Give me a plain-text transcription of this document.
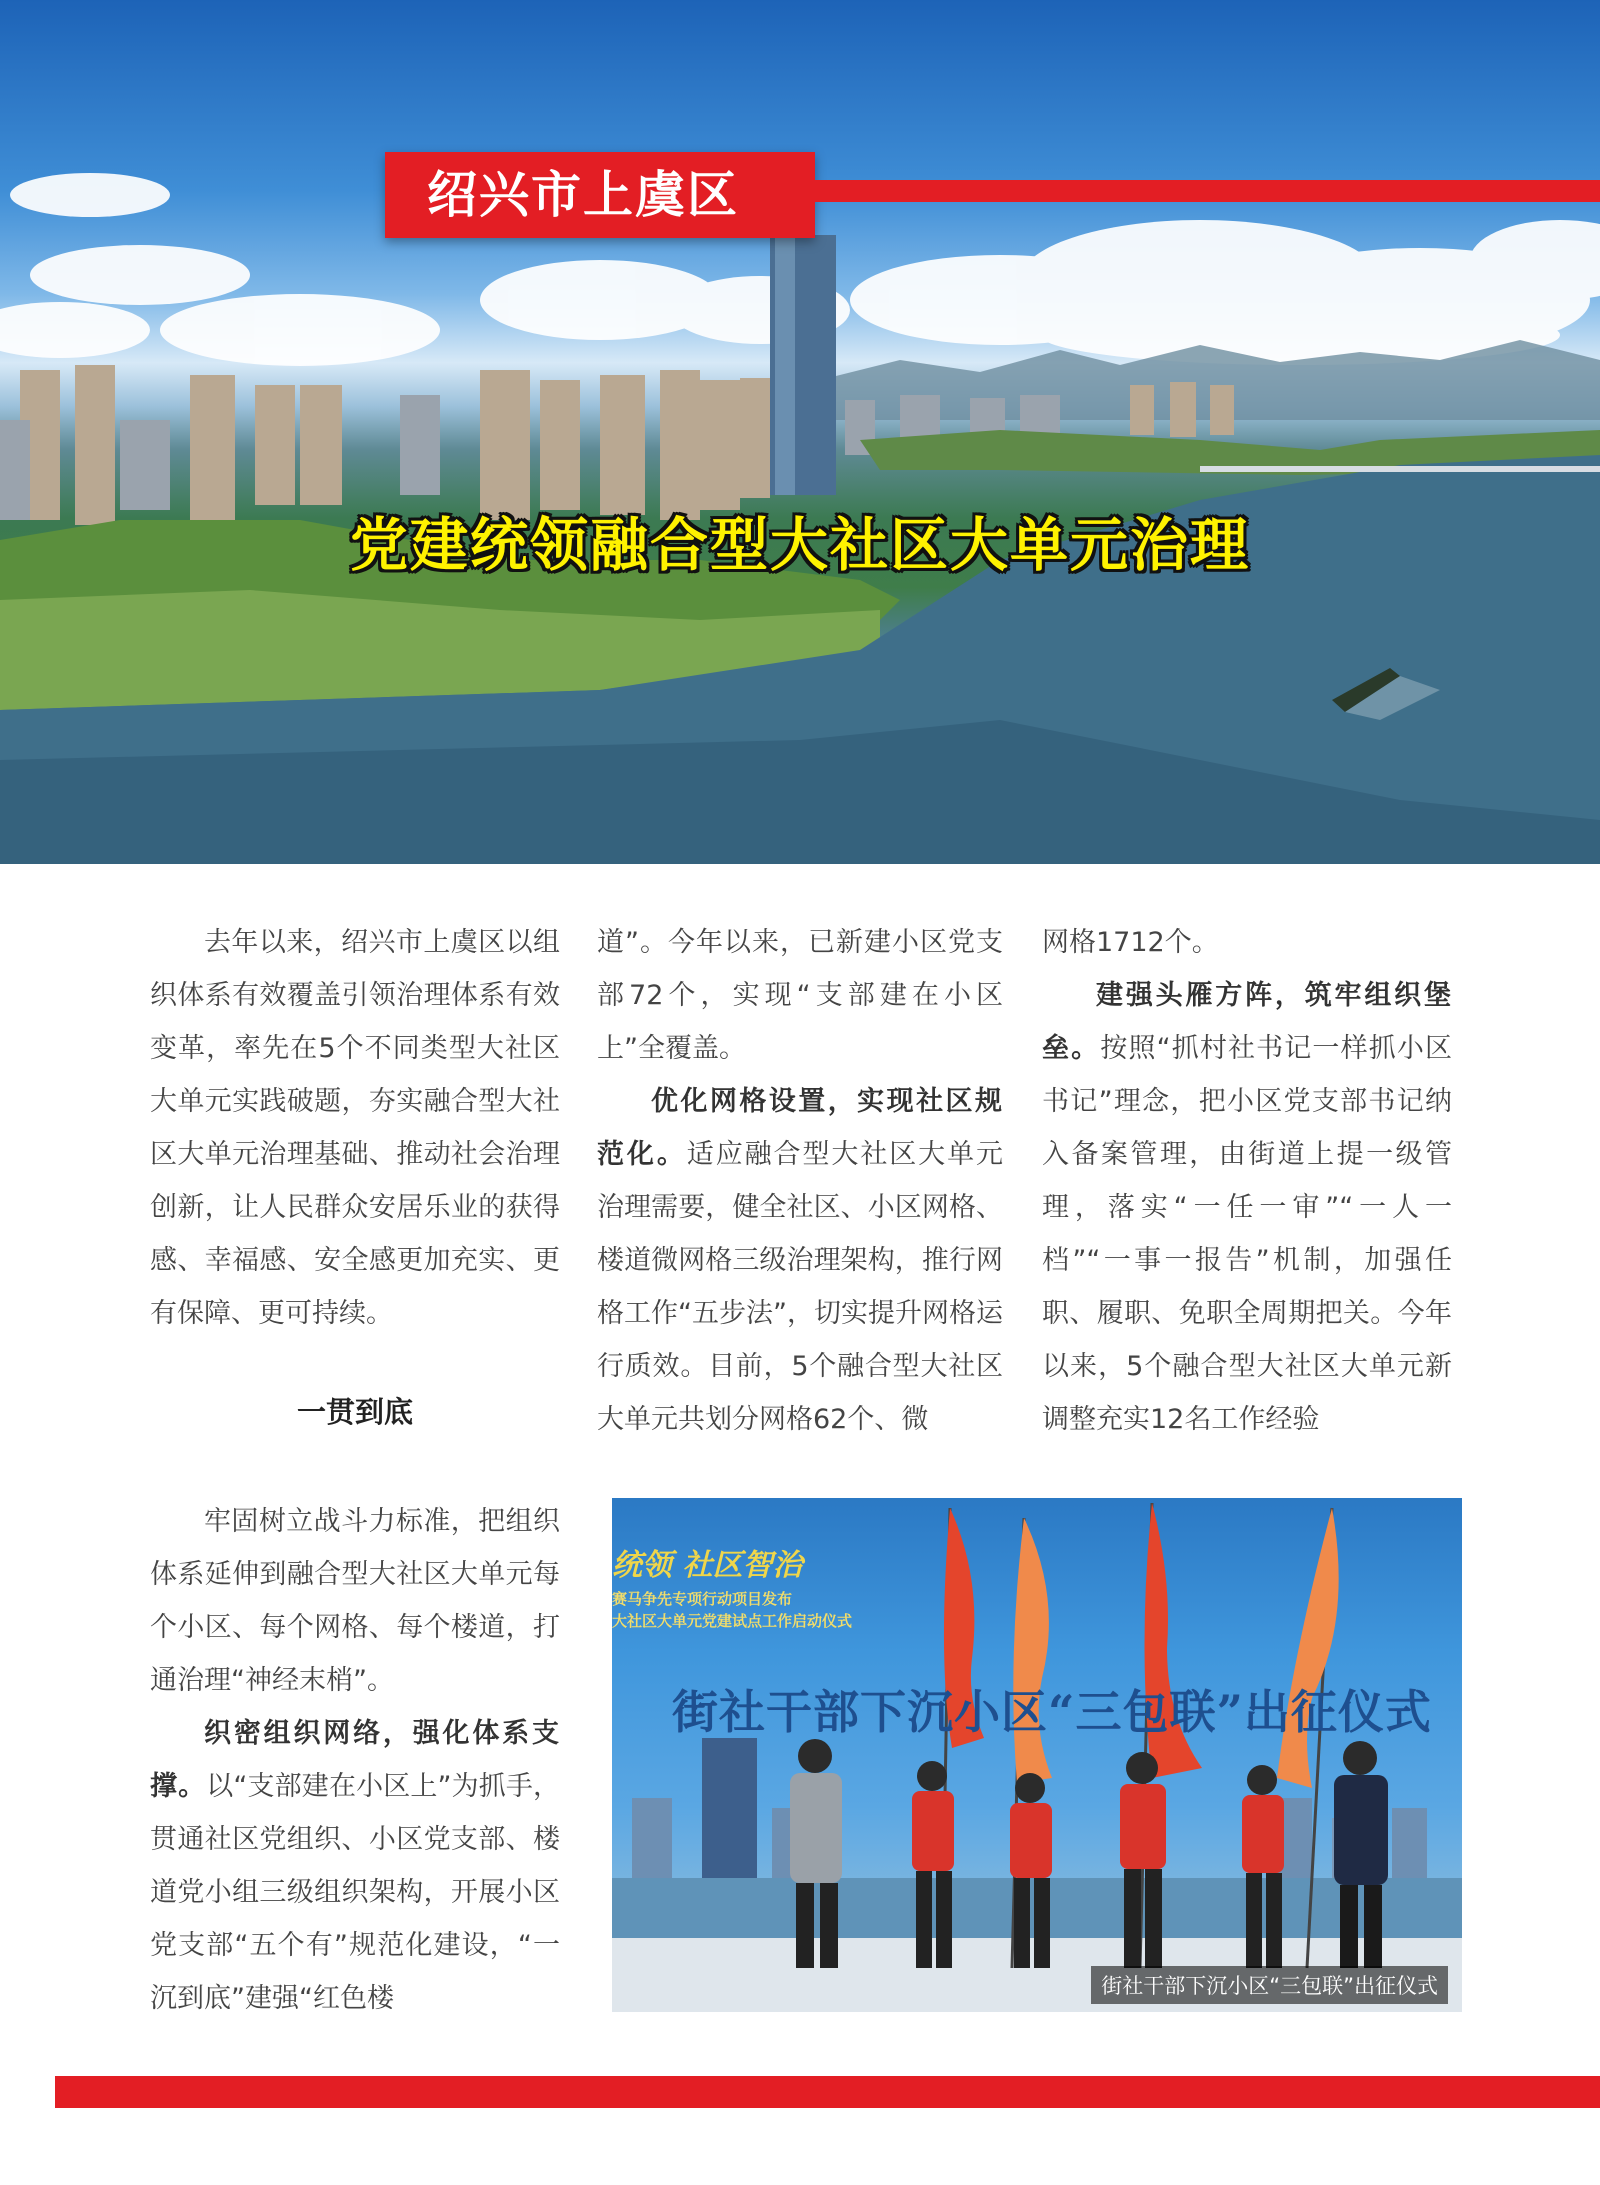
绍兴市上虞区
党建统领融合型大社区大单元治理

去年以来，绍兴市上虞区以组织体系有效覆盖引领治理体系有效变革，率先在5个不同类型大社区大单元实践破题，夯实融合型大社区大单元治理基础、推动社会治理创新，让人民群众安居乐业的获得感、幸福感、安全感更加充实、更有保障、更可持续。

一贯到底

牢固树立战斗力标准，把组织体系延伸到融合型大社区大单元每个小区、每个网格、每个楼道，打通治理“神经末梢”。

织密组织网络，强化体系支撑。以“支部建在小区上”为抓手，贯通社区党组织、小区党支部、楼道党小组三级组织架构，开展小区党支部“五个有”规范化建设，“一沉到底”建强“红色楼

道”。今年以来，已新建小区党支部72个，实现“支部建在小区上”全覆盖。

优化网格设置，实现社区规范化。适应融合型大社区大单元治理需要，健全社区、小区网格、楼道微网格三级治理架构，推行网格工作“五步法”，切实提升网格运行质效。目前，5个融合型大社区大单元共划分网格62个、微

网格1712个。

建强头雁方阵，筑牢组织堡垒。按照“抓村社书记一样抓小区书记”理念，把小区党支部书记纳入备案管理，由街道上提一级管理，落实“一任一审”“一人一档”“一事一报告”机制，加强任职、履职、免职全周期把关。今年以来，5个融合型大社区大单元新调整充实12名工作经验

统领 社区智治
赛马争先专项行动项目发布
大社区大单元党建试点工作启动仪式
街社干部下沉小区“三包联”出征仪式
街社干部下沉小区“三包联”出征仪式
